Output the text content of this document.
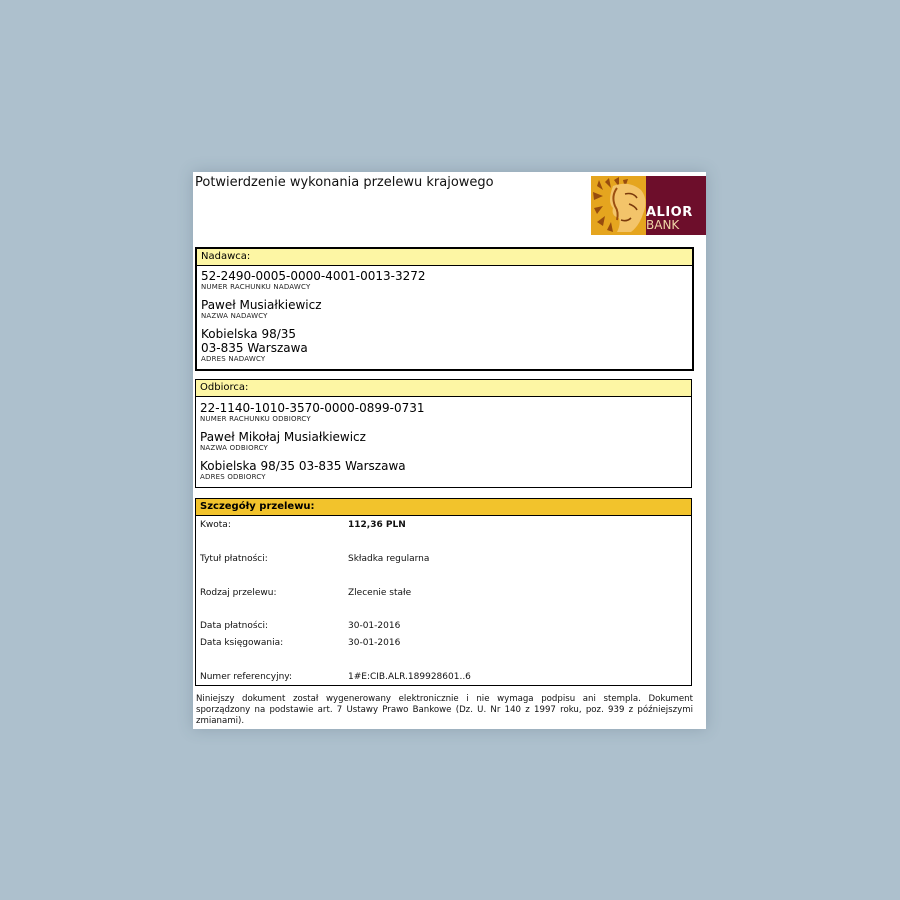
Potwierdzenie wykonania przelewu krajowego
ALIOR
BANK
Nadawca:
52-2490-0005-0000-4001-0013-3272
NUMER RACHUNKU NADAWCY
Paweł Musiałkiewicz
NAZWA NADAWCY
Kobielska 98/35
03-835 Warszawa
ADRES NADAWCY
Odbiorca:
22-1140-1010-3570-0000-0899-0731
NUMER RACHUNKU ODBIORCY
Paweł Mikołaj Musiałkiewicz
NAZWA ODBIORCY
Kobielska 98/35 03-835 Warszawa
ADRES ODBIORCY
Szczegóły przelewu:
Kwota:	112,36 PLN
Tytuł płatności:	Składka regularna
Rodzaj przelewu:	Zlecenie stałe
Data płatności:	30-01-2016
Data księgowania:	30-01-2016
Numer referencyjny:	1#E:CIB.ALR.189928601..6
Niniejszy dokument został wygenerowany elektronicznie i nie wymaga podpisu ani stempla. Dokument sporządzony na podstawie art. 7 Ustawy Prawo Bankowe (Dz. U. Nr 140 z 1997 roku, poz. 939 z późniejszymi zmianami).
